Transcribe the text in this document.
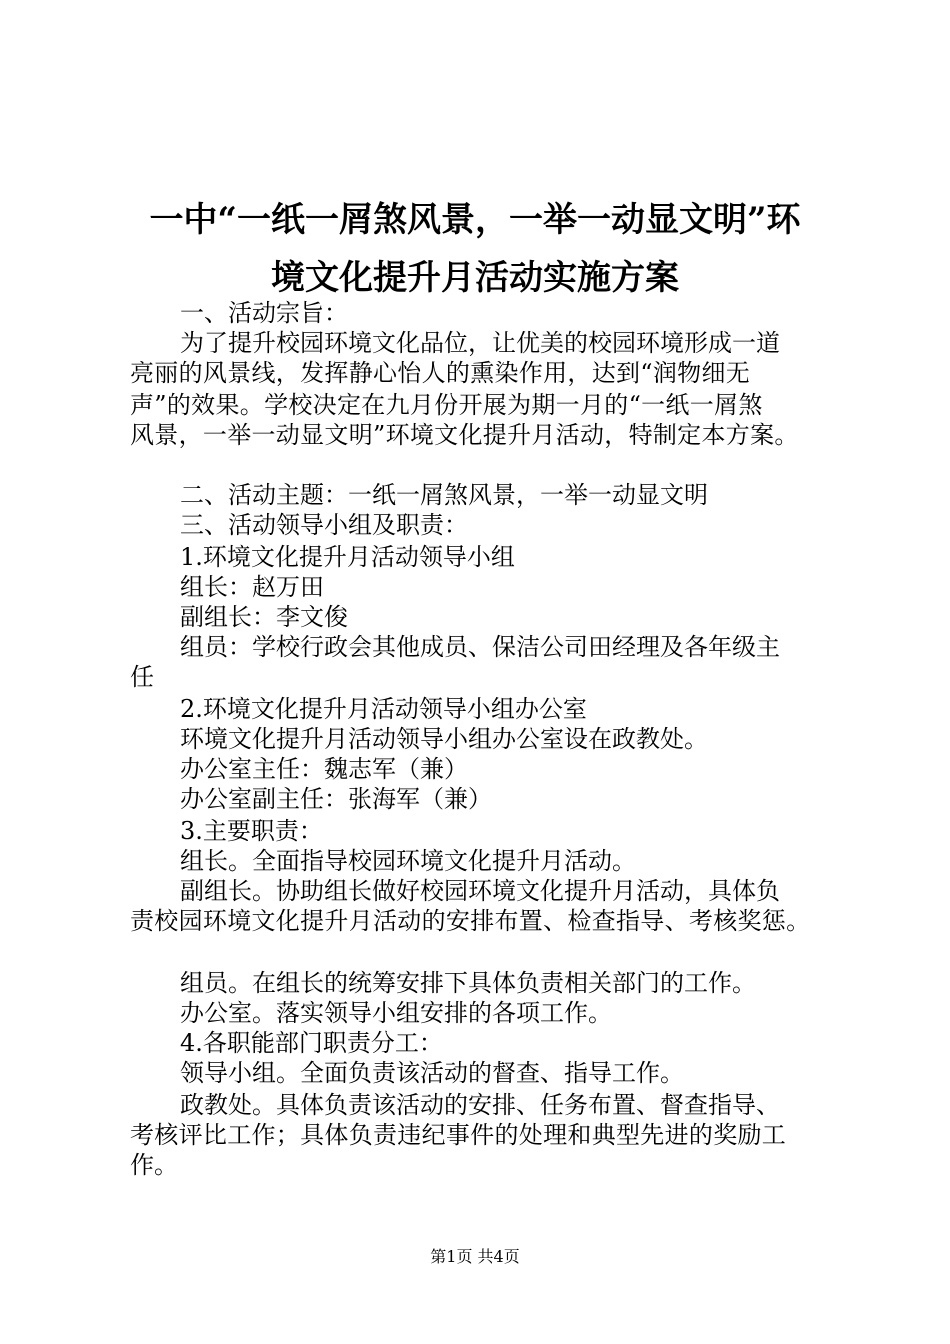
一中“一纸一屑煞风景，一举一动显文明”环
境文化提升月活动实施方案
一、活动宗旨：
为了提升校园环境文化品位，让优美的校园环境形成一道
亮丽的风景线，发挥静心怡人的熏染作用，达到“润物细无
声”的效果。学校决定在九月份开展为期一月的“一纸一屑煞
风景，一举一动显文明”环境文化提升月活动，特制定本方案。
二、活动主题：一纸一屑煞风景，一举一动显文明
三、活动领导小组及职责：
1.环境文化提升月活动领导小组
组长：赵万田
副组长：李文俊
组员：学校行政会其他成员、保洁公司田经理及各年级主
任
2.环境文化提升月活动领导小组办公室
环境文化提升月活动领导小组办公室设在政教处。
办公室主任：魏志军（兼）
办公室副主任：张海军（兼）
3.主要职责：
组长。全面指导校园环境文化提升月活动。
副组长。协助组长做好校园环境文化提升月活动，具体负
责校园环境文化提升月活动的安排布置、检查指导、考核奖惩。
组员。在组长的统筹安排下具体负责相关部门的工作。
办公室。落实领导小组安排的各项工作。
4.各职能部门职责分工：
领导小组。全面负责该活动的督查、指导工作。
政教处。具体负责该活动的安排、任务布置、督查指导、
考核评比工作；具体负责违纪事件的处理和典型先进的奖励工
作。
第1页 共4页
